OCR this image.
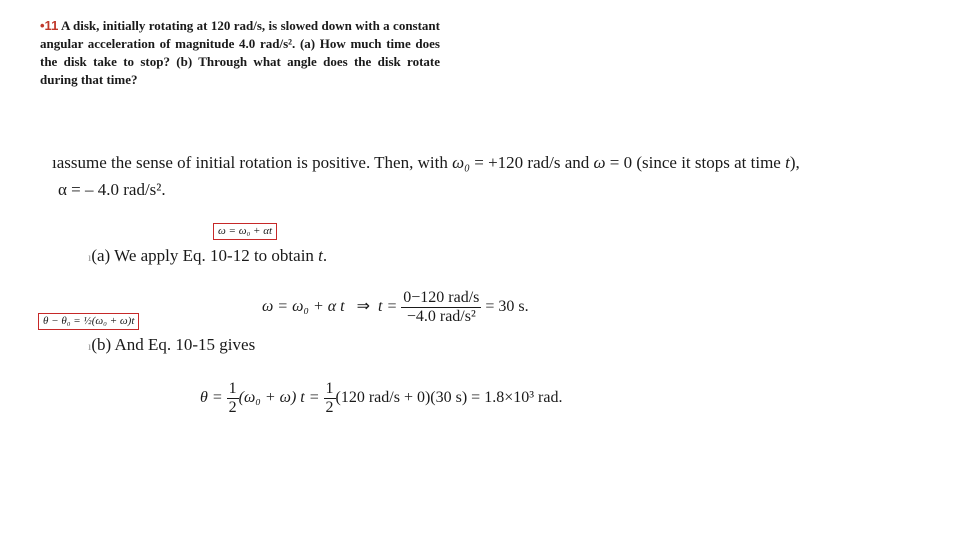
•11 A disk, initially rotating at 120 rad/s, is slowed down with a constant angular acceleration of magnitude 4.0 rad/s². (a) How much time does the disk take to stop? (b) Through what angle does the disk rotate during that time?
ıassume the sense of initial rotation is positive. Then, with ω₀ = +120 rad/s and ω = 0 (since it stops at time t),
α = – 4.0 rad/s².
ω = ω₀ + αt
ı(a) We apply Eq. 10-12 to obtain t.
θ − θ₀ = ½(ω₀ + ω)t
ω = ω₀ + α t ⇒ $t = \frac{\text{0−120 rad/s}}{\text{−4.0 rad/s²}} = 30$ s.
ı(b) And Eq. 10-15 gives
$\theta = \frac{1}{2} (\omega_0 + \omega) t = \frac{1}{2} (120$ rad/s + 0)(30 s) = 1.8×10³ rad.
